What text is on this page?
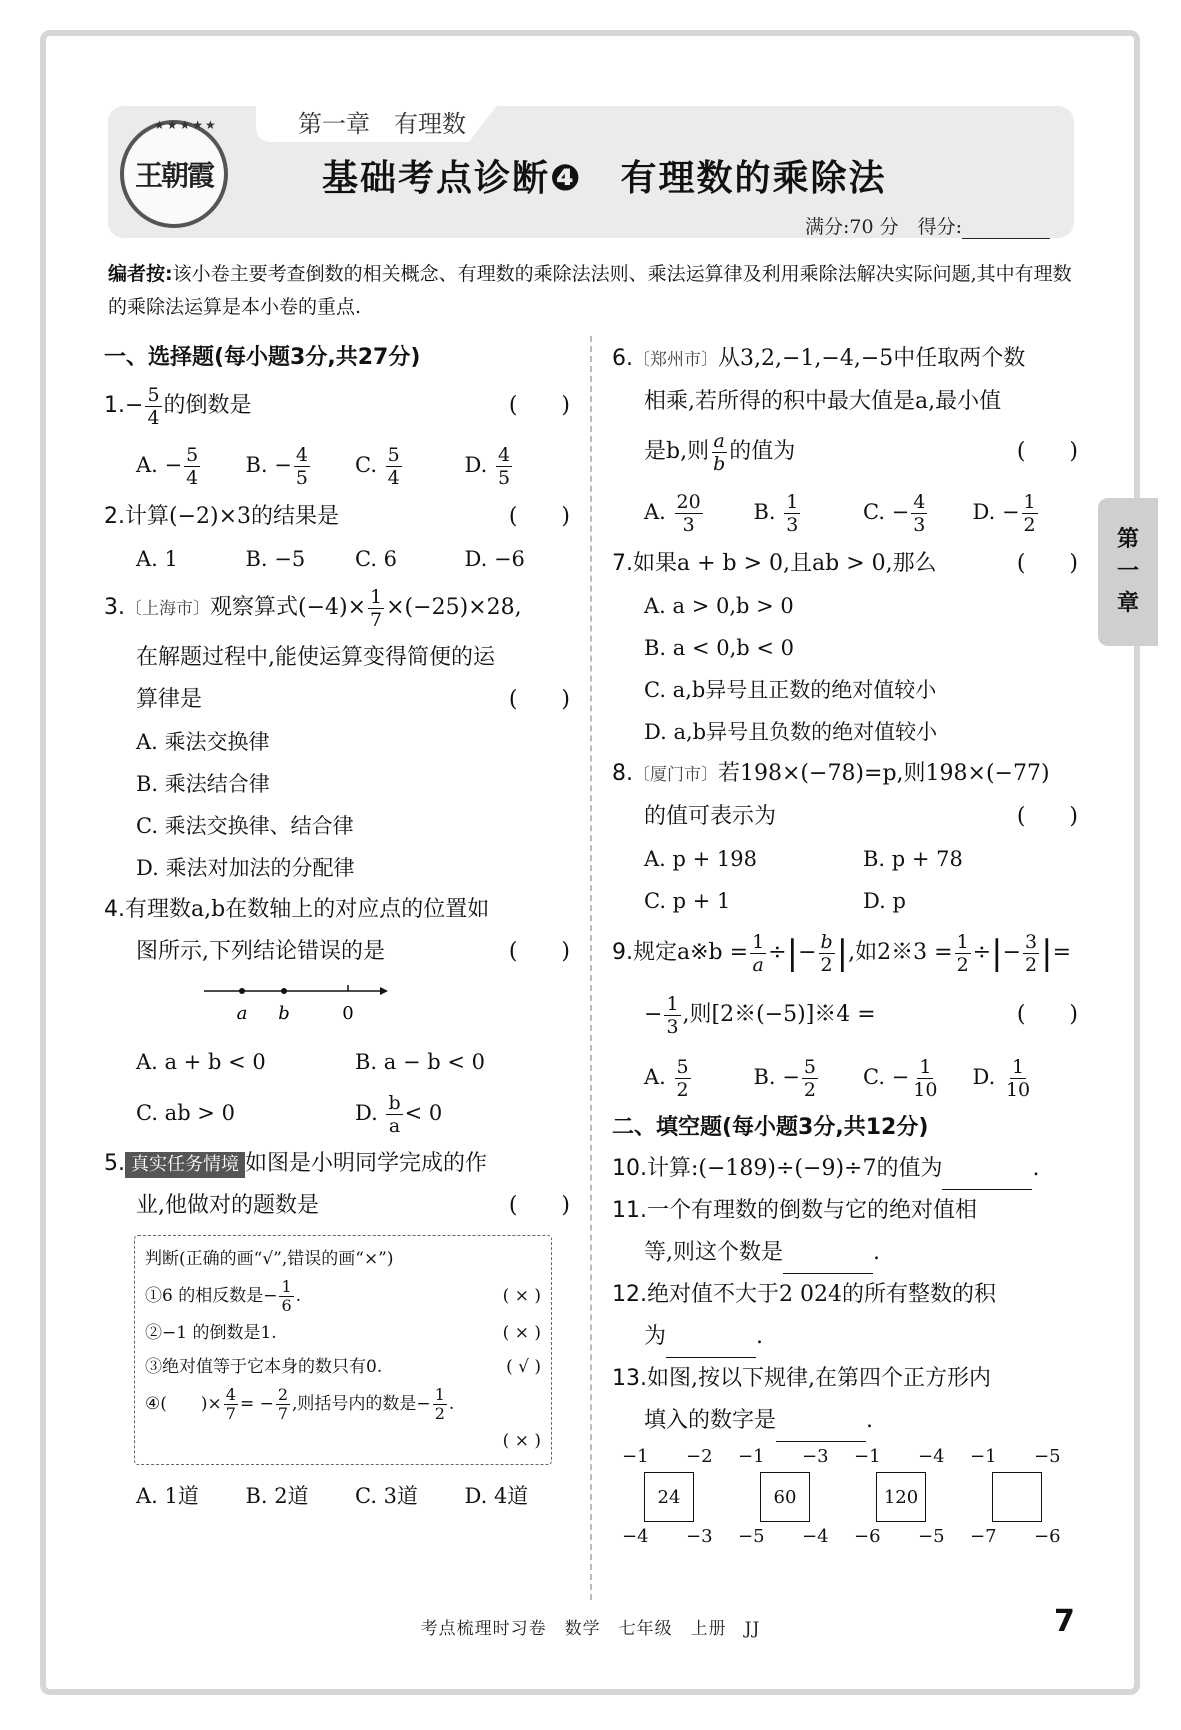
第一章　有理数
★★★★★
王朝霞	基础考点诊断❹　有理数的乘除法
满分:70 分　得分:
编者按:该小卷主要考查倒数的相关概念、有理数的乘除法法则、乘法运算律及利用乘除法解决实际问题,其中有理数的乘除法运算是本小卷的重点.
一、选择题(每小题3分,共27分)
$1.- \frac{5}{4}$ 的倒数是	(　　)
A. − $\frac{5}{4} B$. − $\frac{4}{5} C$. $\frac{5}{4}$	D. $\frac{4}{5}$
2.计算(−2)×3的结果是	(　　)
A. 1	B. −5	C. 6	D. −6
3.〔上海市〕观察算式$(-4)\times \frac{1}{7} \times(-25)\times 28$,
在解题过程中,能使运算变得简便的运
算律是	(　　)
A. 乘法交换律
B. 乘法结合律
C. 乘法交换律、结合律
D. 乘法对加法的分配律
4.有理数a,b在数轴上的对应点的位置如
图所示,下列结论错误的是	(　　)
a b	0
A. a + b < 0	B. a − b < 0
C. ab > 0	D. $\frac{b}{a} < 0$
5. 真实任务情境 如图是小明同学完成的作
业,他做对的题数是	(　　)
判断(正确的画“√”,错误的画“×”)
①6 的相反数是− $\frac{1}{6}$ .	( × )
②−1 的倒数是1.	( × )
③绝对值等于它本身的数只有0.	( √ )
④(　　)× $\frac{4}{7}$ = − $\frac{2}{7}$ ,则括号内的数是− $\frac{1}{2}$ .
( × )
A. 1道	B. 2道	C. 3道	D. 4道
6.〔郑州市〕从3,2,−1,−4,−5中任取两个数
相乘,若所得的积中最大值是a,最小值
是b,则 $\frac{a}{b}$ 的值为	(　　)
A. $\frac{20}{3} B$. $\frac{1}{3}$	C. − $\frac{4}{3} D$. − $\frac{1}{2}$
7.如果a + b > 0,且ab > 0,那么	(　　)
A. a > 0,b > 0
B. a < 0,b < 0
C. a,b异号且正数的绝对值较小
D. a,b异号且负数的绝对值较小
8.〔厦门市〕若198×(−78)=p,则198×(−77)
的值可表示为	(　　)
A. p + 198	B. p + 78
C. p + 1	D. p
9.规定a※b = $\frac{1}{a}$ ÷|− $\frac{b}{2}$ |,如2※3 = $\frac{1}{2}$ ÷|− $\frac{3}{2}$ |=
− $\frac{1}{3}$ ,则[2※(−5)]※4 =	(　　)
A. $\frac{5}{2}$	B. − $\frac{5}{2} C$. − $\frac{1}{10} D$. $\frac{1}{10}$
二、填空题(每小题3分,共12分)
10.计算:(−189)÷(−9)÷7的值为	.
11.一个有理数的倒数与它的绝对值相
等,则这个数是	.
12.绝对值不大于2 024的所有整数的积
为	.
13.如图,按以下规律,在第四个正方形内
填入的数字是	.
−1 −2
24
−4 −3
−1 −3
60
−5 −4
−1 −4
120
−6 −5
−1 −5
−7 −6
第
一
章
考点梳理时习卷　数学　七年级　上册　JJ	7
